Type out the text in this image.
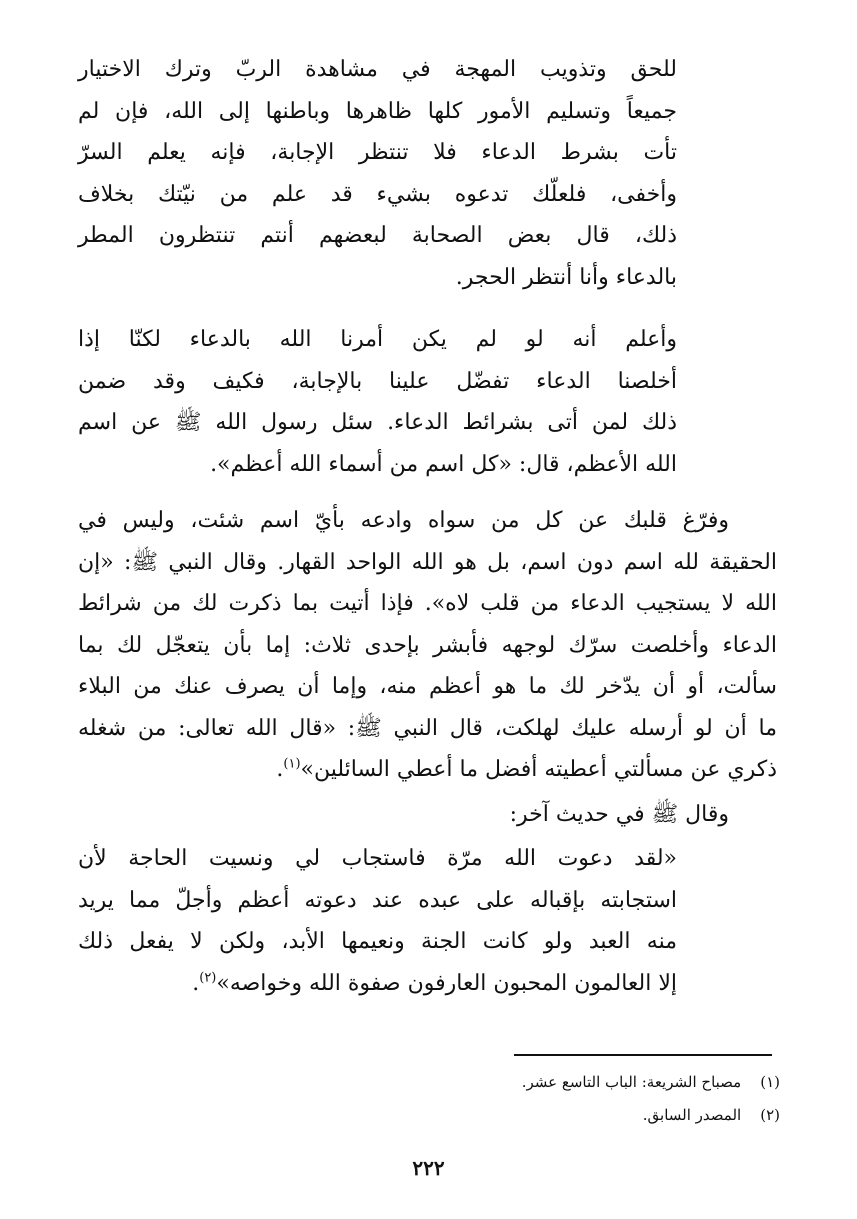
للحق وتذويب المهجة في مشاهدة الربّ وترك الاختيار
جميعاً وتسليم الأمور كلها ظاهرها وباطنها إلى الله، فإن لم
تأت بشرط الدعاء فلا تنتظر الإجابة، فإنه يعلم السرّ
وأخفى، فلعلّك تدعوه بشيء قد علم من نيّتك بخلاف
ذلك، قال بعض الصحابة لبعضهم أنتم تنتظرون المطر
بالدعاء وأنا أنتظر الحجر.
وأعلم أنه لو لم يكن أمرنا الله بالدعاء لكنّا إذا
أخلصنا الدعاء تفضّل علينا بالإجابة، فكيف وقد ضمن
ذلك لمن أتى بشرائط الدعاء. سئل رسول الله ﷺ عن اسم
الله الأعظم، قال: «كل اسم من أسماء الله أعظم».
وفرّغ قلبك عن كل من سواه وادعه بأيّ اسم شئت، وليس في
الحقيقة لله اسم دون اسم، بل هو الله الواحد القهار. وقال النبي ﷺ: «إن
الله لا يستجيب الدعاء من قلب لاه». فإذا أتيت بما ذكرت لك من شرائط
الدعاء وأخلصت سرّك لوجهه فأبشر بإحدى ثلاث: إما بأن يتعجّل لك بما
سألت، أو أن يدّخر لك ما هو أعظم منه، وإما أن يصرف عنك من البلاء
ما أن لو أرسله عليك لهلكت، قال النبي ﷺ: «قال الله تعالى: من شغله
ذكري عن مسألتي أعطيته أفضل ما أعطي السائلين»$^{(١)}$.
وقال ﷺ في حديث آخر:
«لقد دعوت الله مرّة فاستجاب لي ونسيت الحاجة لأن
استجابته بإقباله على عبده عند دعوته أعظم وأجلّ مما يريد
منه العبد ولو كانت الجنة ونعيمها الأبد، ولكن لا يفعل ذلك
إلا العالمون المحبون العارفون صفوة الله وخواصه»$^{(٢)}$.
(١) مصباح الشريعة: الباب التاسع عشر.
(٢) المصدر السابق.
٢٢٢
